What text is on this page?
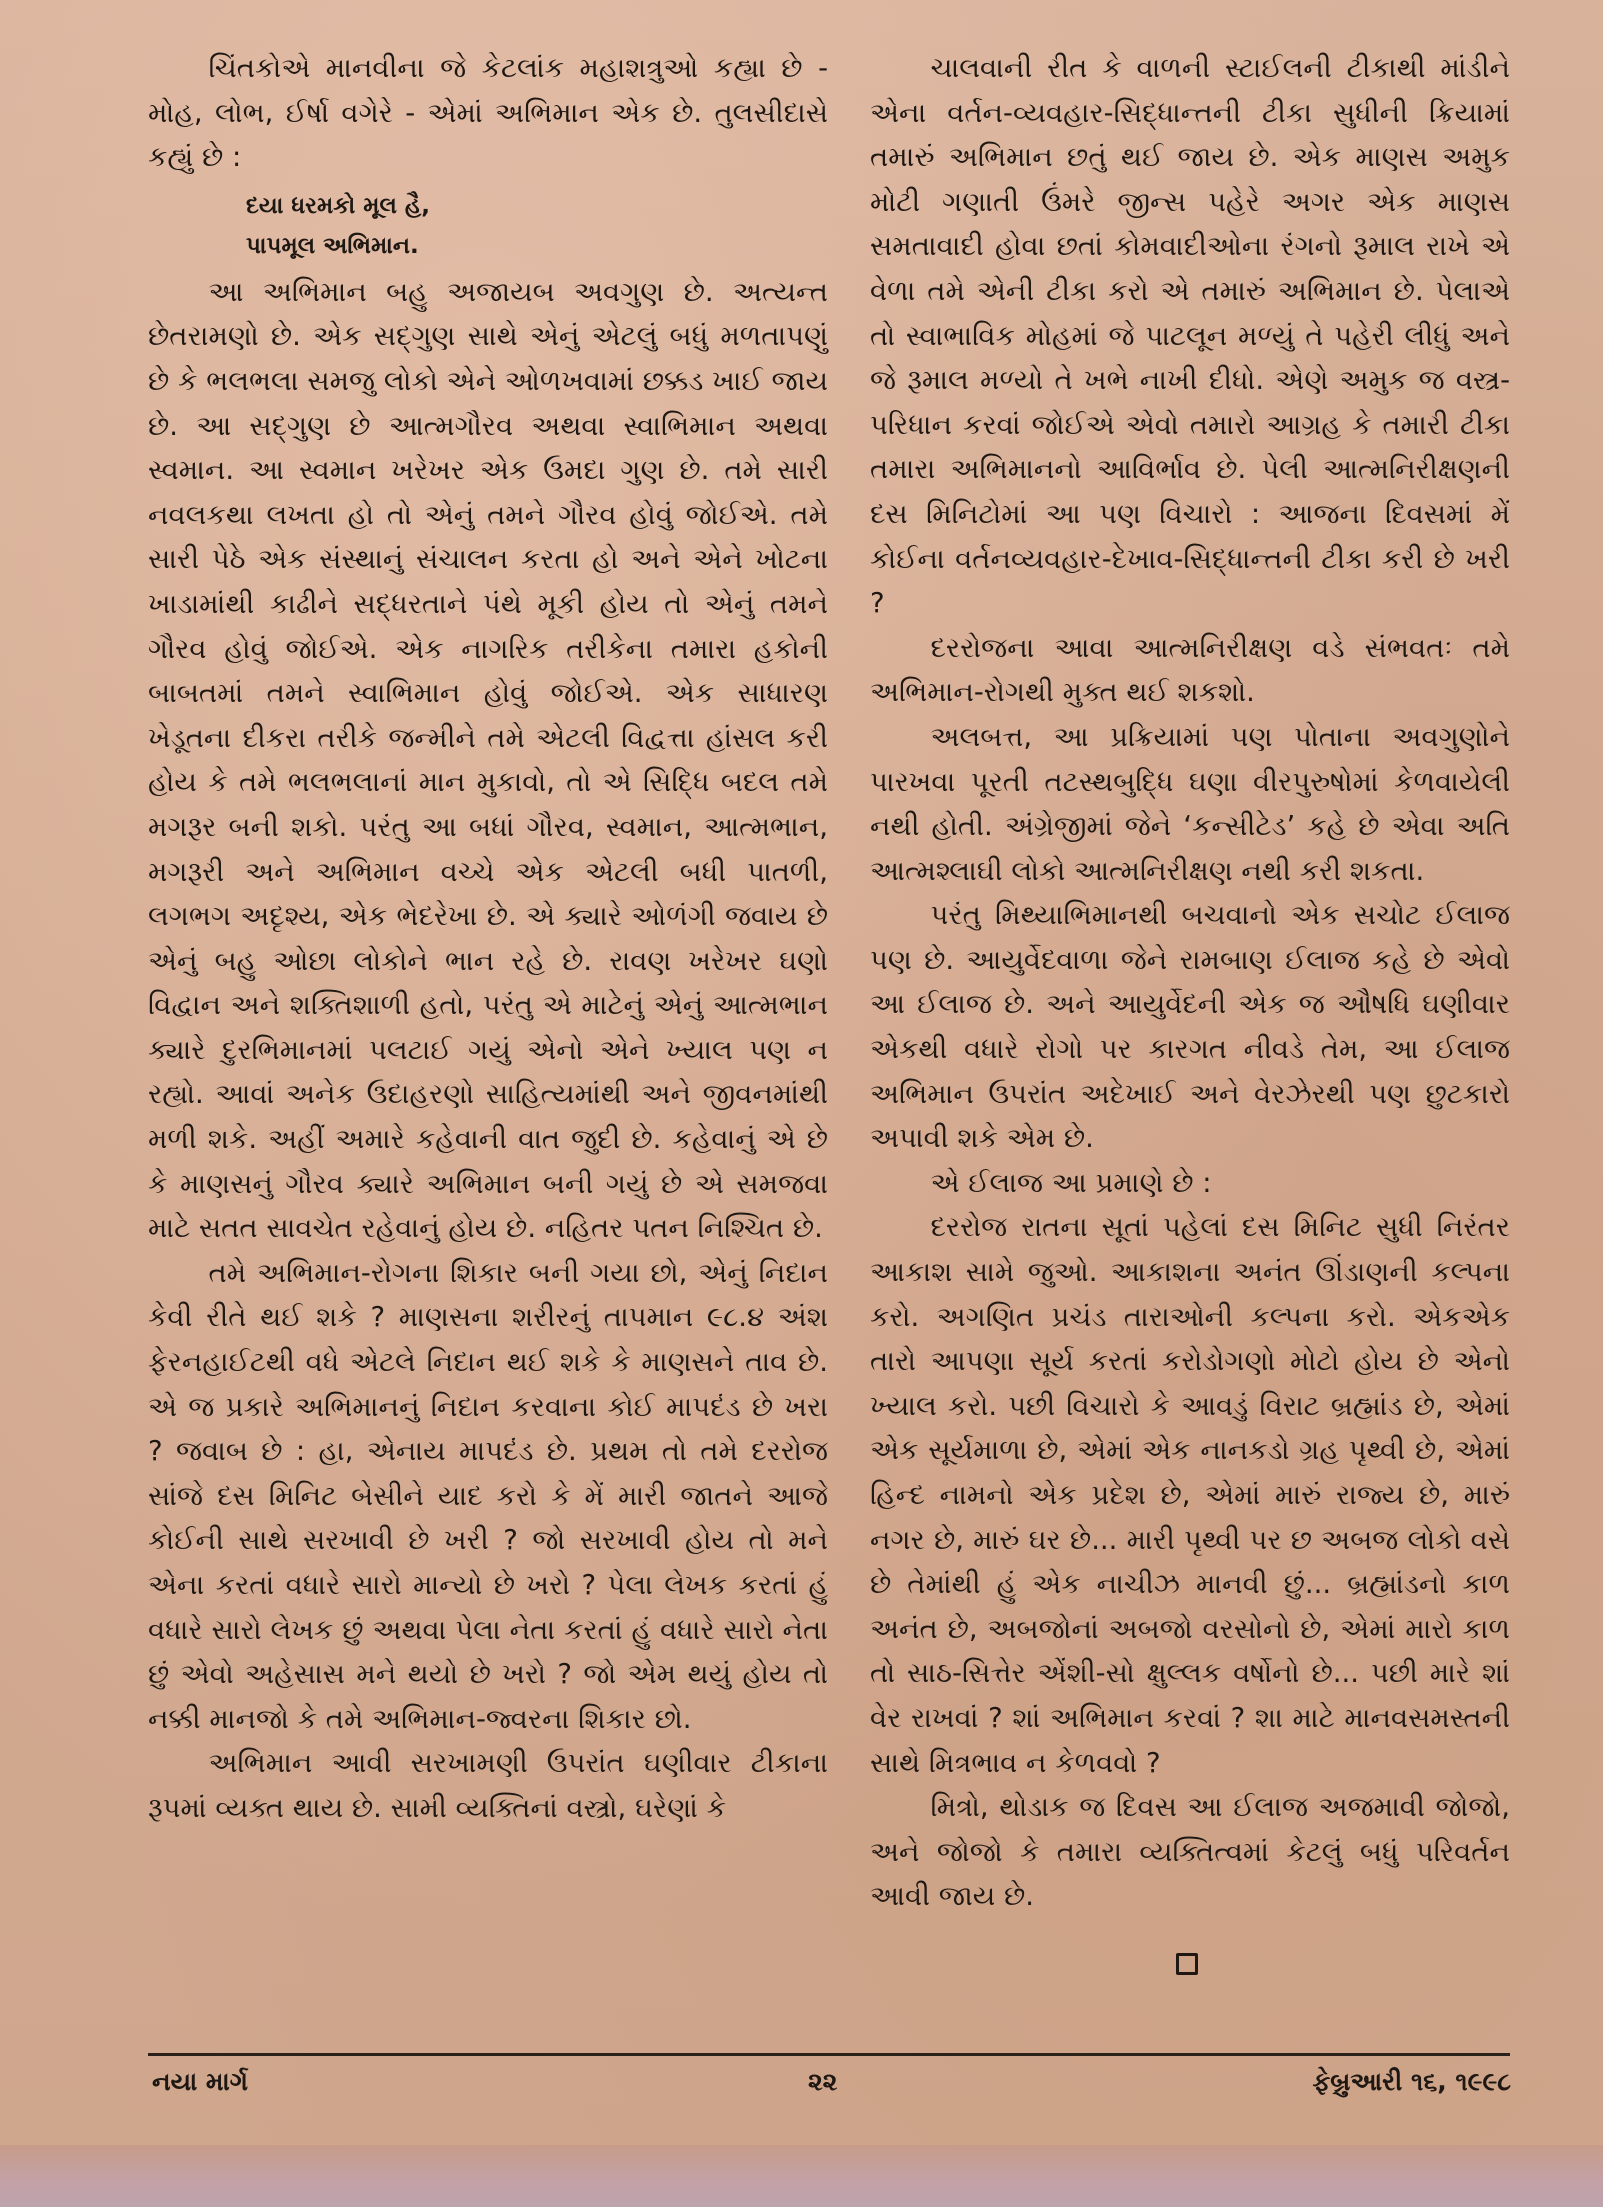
ચિંતકોએ માનવીના જે કેટલાંક મહાશત્રુઓ કહ્યા છે - મોહ, લોભ, ઈર્ષા વગેરે - એમાં અભિમાન એક છે. તુલસીદાસે કહ્યું છે :

દયા ધરમકો મૂલ હૈ,
પાપમૂલ અભિમાન.

આ અભિમાન બહુ અજાયબ અવગુણ છે. અત્યન્ત છેતરામણો છે. એક સદ્ગુણ સાથે એનું એટલું બધું મળતાપણું છે કે ભલભલા સમજુ લોકો એને ઓળખવામાં છક્કડ ખાઈ જાય છે. આ સદ્ગુણ છે આત્મગૌરવ અથવા સ્વાભિમાન અથવા સ્વમાન. આ સ્વમાન ખરેખર એક ઉમદા ગુણ છે. તમે સારી નવલકથા લખતા હો તો એનું તમને ગૌરવ હોવું જોઈએ. તમે સારી પેઠે એક સંસ્થાનું સંચાલન કરતા હો અને એને ખોટના ખાડામાંથી કાઢીને સદ્ધરતાને પંથે મૂકી હોય તો એનું તમને ગૌરવ હોવું જોઈએ. એક નાગરિક તરીકેના તમારા હકોની બાબતમાં તમને સ્વાભિમાન હોવું જોઈએ. એક સાધારણ ખેડૂતના દીકરા તરીકે જન્મીને તમે એટલી વિદ્વત્તા હાંસલ કરી હોય કે તમે ભલભલાનાં માન મુકાવો, તો એ સિદ્ધિ બદલ તમે મગરૂર બની શકો. પરંતુ આ બધાં ગૌરવ, સ્વમાન, આત્મભાન, મગરૂરી અને અભિમાન વચ્ચે એક એટલી બધી પાતળી, લગભગ અદૃશ્ય, એક ભેદરેખા છે. એ ક્યારે ઓળંગી જવાય છે એનું બહુ ઓછા લોકોને ભાન રહે છે. રાવણ ખરેખર ઘણો વિદ્વાન અને શક્તિશાળી હતો, પરંતુ એ માટેનું એનું આત્મભાન ક્યારે દુરભિમાનમાં પલટાઈ ગયું એનો એને ખ્યાલ પણ ન રહ્યો. આવાં અનેક ઉદાહરણો સાહિત્યમાંથી અને જીવનમાંથી મળી શકે. અહીં અમારે કહેવાની વાત જુદી છે. કહેવાનું એ છે કે માણસનું ગૌરવ ક્યારે અભિમાન બની ગયું છે એ સમજવા માટે સતત સાવચેત રહેવાનું હોય છે. નહિતર પતન નિશ્ચિત છે.

તમે અભિમાન-રોગના શિકાર બની ગયા છો, એનું નિદાન કેવી રીતે થઈ શકે ? માણસના શરીરનું તાપમાન ૯૮.૪ અંશ ફેરનહાઈટથી વધે એટલે નિદાન થઈ શકે કે માણસને તાવ છે. એ જ પ્રકારે અભિમાનનું નિદાન કરવાના કોઈ માપદંડ છે ખરા ? જવાબ છે : હા, એનાય માપદંડ છે. પ્રથમ તો તમે દરરોજ સાંજે દસ મિનિટ બેસીને યાદ કરો કે મેં મારી જાતને આજે કોઈની સાથે સરખાવી છે ખરી ? જો સરખાવી હોય તો મને એના કરતાં વધારે સારો માન્યો છે ખરો ? પેલા લેખક કરતાં હું વધારે સારો લેખક છું અથવા પેલા નેતા કરતાં હું વધારે સારો નેતા છું એવો અહેસાસ મને થયો છે ખરો ? જો એમ થયું હોય તો નક્કી માનજો કે તમે અભિમાન-જ્વરના શિકાર છો.

અભિમાન આવી સરખામણી ઉપરાંત ઘણીવાર ટીકાના રૂપમાં વ્યક્ત થાય છે. સામી વ્યક્તિનાં વસ્ત્રો, ઘરેણાં કે

ચાલવાની રીત કે વાળની સ્ટાઈલની ટીકાથી માંડીને એના વર્તન-વ્યવહાર-સિદ્ધાન્તની ટીકા સુધીની ક્રિયામાં તમારું અભિમાન છતું થઈ જાય છે. એક માણસ અમુક મોટી ગણાતી ઉંમરે જીન્સ પહેરે અગર એક માણસ સમતાવાદી હોવા છતાં કોમવાદીઓના રંગનો રૂમાલ રાખે એ વેળા તમે એની ટીકા કરો એ તમારું અભિમાન છે. પેલાએ તો સ્વાભાવિક મોહમાં જે પાટલૂન મળ્યું તે પહેરી લીધું અને જે રૂમાલ મળ્યો તે ખભે નાખી દીધો. એણે અમુક જ વસ્ત્ર-પરિધાન કરવાં જોઈએ એવો તમારો આગ્રહ કે તમારી ટીકા તમારા અભિમાનનો આવિર્ભાવ છે. પેલી આત્મનિરીક્ષણની દસ મિનિટોમાં આ પણ વિચારો : આજના દિવસમાં મેં કોઈના વર્તનવ્યવહાર-દેખાવ-સિદ્ધાન્તની ટીકા કરી છે ખરી ?

દરરોજના આવા આત્મનિરીક્ષણ વડે સંભવતઃ તમે અભિમાન-રોગથી મુક્ત થઈ શકશો.

અલબત્ત, આ પ્રક્રિયામાં પણ પોતાના અવગુણોને પારખવા પૂરતી તટસ્થબુદ્ધિ ઘણા વીરપુરુષોમાં કેળવાયેલી નથી હોતી. અંગ્રેજીમાં જેને ‘કન્સીટેડ’ કહે છે એવા અતિ આત્મશ્લાઘી લોકો આત્મનિરીક્ષણ નથી કરી શકતા.

પરંતુ મિથ્યાભિમાનથી બચવાનો એક સચોટ ઈલાજ પણ છે. આયુર્વેદવાળા જેને રામબાણ ઈલાજ કહે છે એવો આ ઈલાજ છે. અને આયુર્વેદની એક જ ઔષધિ ઘણીવાર એકથી વધારે રોગો પર કારગત નીવડે તેમ, આ ઈલાજ અભિમાન ઉપરાંત અદેખાઈ અને વેરઝેરથી પણ છુટકારો અપાવી શકે એમ છે.

એ ઈલાજ આ પ્રમાણે છે :

દરરોજ રાતના સૂતાં પહેલાં દસ મિનિટ સુધી નિરંતર આકાશ સામે જુઓ. આકાશના અનંત ઊંડાણની કલ્પના કરો. અગણિત પ્રચંડ તારાઓની કલ્પના કરો. એકએક તારો આપણા સૂર્ય કરતાં કરોડોગણો મોટો હોય છે એનો ખ્યાલ કરો. પછી વિચારો કે આવડું વિરાટ બ્રહ્માંડ છે, એમાં એક સૂર્યમાળા છે, એમાં એક નાનકડો ગ્રહ પૃથ્વી છે, એમાં હિન્દ નામનો એક પ્રદેશ છે, એમાં મારું રાજ્ય છે, મારું નગર છે, મારું ઘર છે... મારી પૃથ્વી પર છ અબજ લોકો વસે છે તેમાંથી હું એક નાચીઝ માનવી છું... બ્રહ્માંડનો કાળ અનંત છે, અબજોનાં અબજો વરસોનો છે, એમાં મારો કાળ તો સાઠ-સિત્તેર એંશી-સો ક્ષુલ્લક વર્ષોનો છે... પછી મારે શાં વેર રાખવાં ? શાં અભિમાન કરવાં ? શા માટે માનવસમસ્તની સાથે મિત્રભાવ ન કેળવવો ?

મિત્રો, થોડાક જ દિવસ આ ઈલાજ અજમાવી જોજો, અને જોજો કે તમારા વ્યક્તિત્વમાં કેટલું બધું પરિવર્તન આવી જાય છે.

નયા માર્ગ	૨૨	ફેબ્રુઆરી ૧૬, ૧૯૯૮
